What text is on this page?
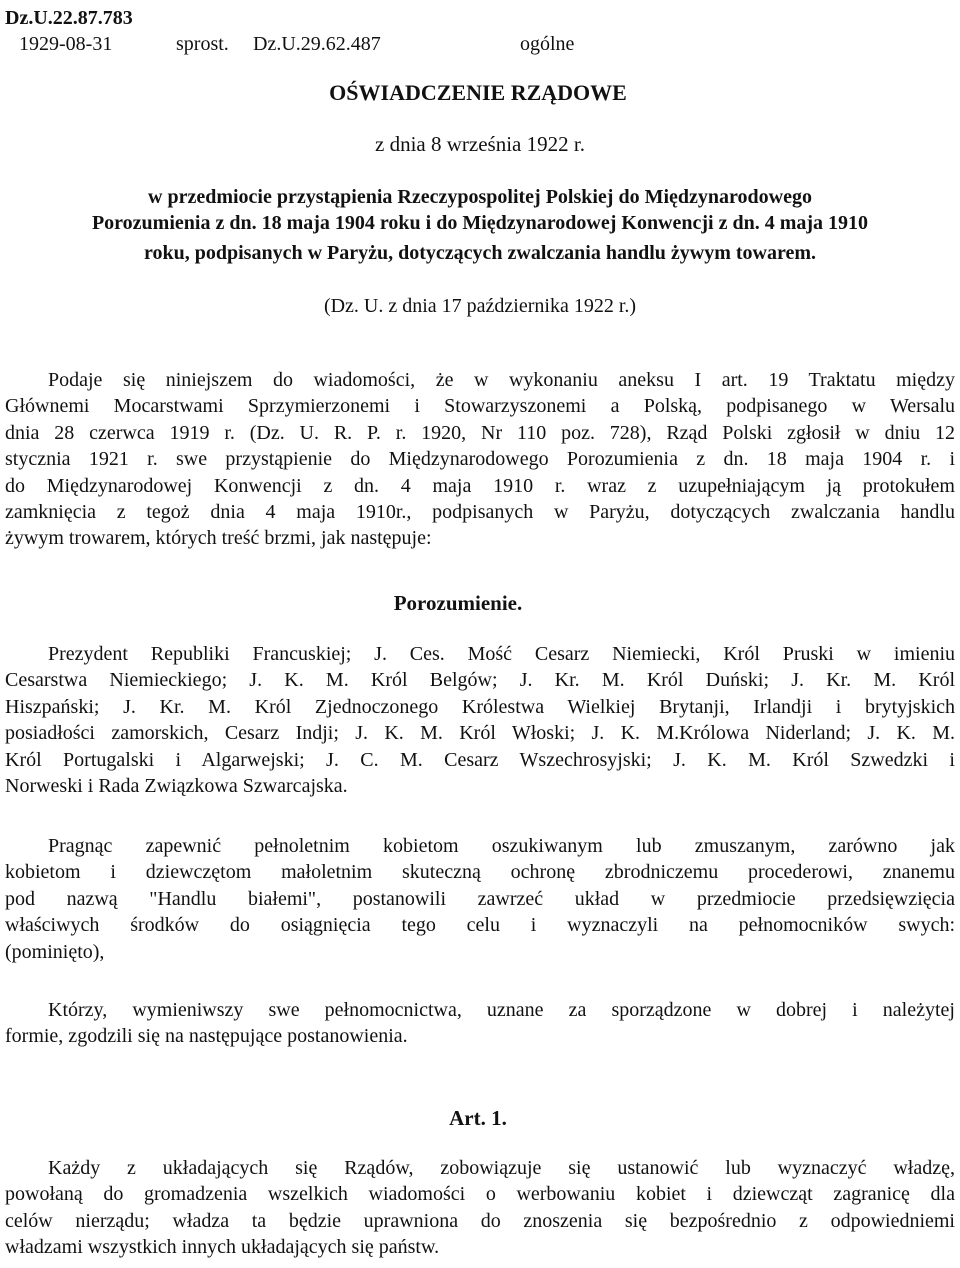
Dz.U.22.87.783
1929-08-31	sprost. Dz.U.29.62.487	ogólne
OŚWIADCZENIE RZĄDOWE
z dnia 8 września 1922 r.
w przedmiocie przystąpienia Rzeczypospolitej Polskiej do Międzynarodowego
Porozumienia z dn. 18 maja 1904 roku i do Międzynarodowej Konwencji z dn. 4 maja 1910
roku, podpisanych w Paryżu, dotyczących zwalczania handlu żywym towarem.
(Dz. U. z dnia 17 października 1922 r.)
Podaje się niniejszem do wiadomości, że w wykonaniu aneksu I art. 19 Traktatu między
Głównemi Mocarstwami Sprzymierzonemi i Stowarzyszonemi a Polską, podpisanego w Wersalu
dnia 28 czerwca 1919 r. (Dz. U. R. P. r. 1920, Nr 110 poz. 728), Rząd Polski zgłosił w dniu 12
stycznia 1921 r. swe przystąpienie do Międzynarodowego Porozumienia z dn. 18 maja 1904 r. i
do Międzynarodowej Konwencji z dn. 4 maja 1910 r. wraz z uzupełniającym ją protokułem
zamknięcia z tegoż dnia 4 maja 1910r., podpisanych w Paryżu, dotyczących zwalczania handlu
żywym trowarem, których treść brzmi, jak następuje:
Porozumienie.
Prezydent Republiki Francuskiej; J. Ces. Mość Cesarz Niemiecki, Król Pruski w imieniu
Cesarstwa Niemieckiego; J. K. M. Król Belgów; J. Kr. M. Król Duński; J. Kr. M. Król
Hiszpański; J. Kr. M. Król Zjednoczonego Królestwa Wielkiej Brytanji, Irlandji i brytyjskich
posiadłości zamorskich, Cesarz Indji; J. K. M. Król Włoski; J. K. M.Królowa Niderland; J. K. M.
Król Portugalski i Algarwejski; J. C. M. Cesarz Wszechrosyjski; J. K. M. Król Szwedzki i
Norweski i Rada Związkowa Szwarcajska.
Pragnąc zapewnić pełnoletnim kobietom oszukiwanym lub zmuszanym, zarówno jak
kobietom i dziewczętom małoletnim skuteczną ochronę zbrodniczemu procederowi, znanemu
pod nazwą "Handlu białemi", postanowili zawrzeć układ w przedmiocie przedsięwzięcia
właściwych środków do osiągnięcia tego celu i wyznaczyli na pełnomocników swych:
(pominięto),
Którzy, wymieniwszy swe pełnomocnictwa, uznane za sporządzone w dobrej i należytej
formie, zgodzili się na następujące postanowienia.
Art. 1.
Każdy z układających się Rządów, zobowiązuje się ustanowić lub wyznaczyć władzę,
powołaną do gromadzenia wszelkich wiadomości o werbowaniu kobiet i dziewcząt zagranicę dla
celów nierządu; władza ta będzie uprawniona do znoszenia się bezpośrednio z odpowiedniemi
władzami wszystkich innych układających się państw.
